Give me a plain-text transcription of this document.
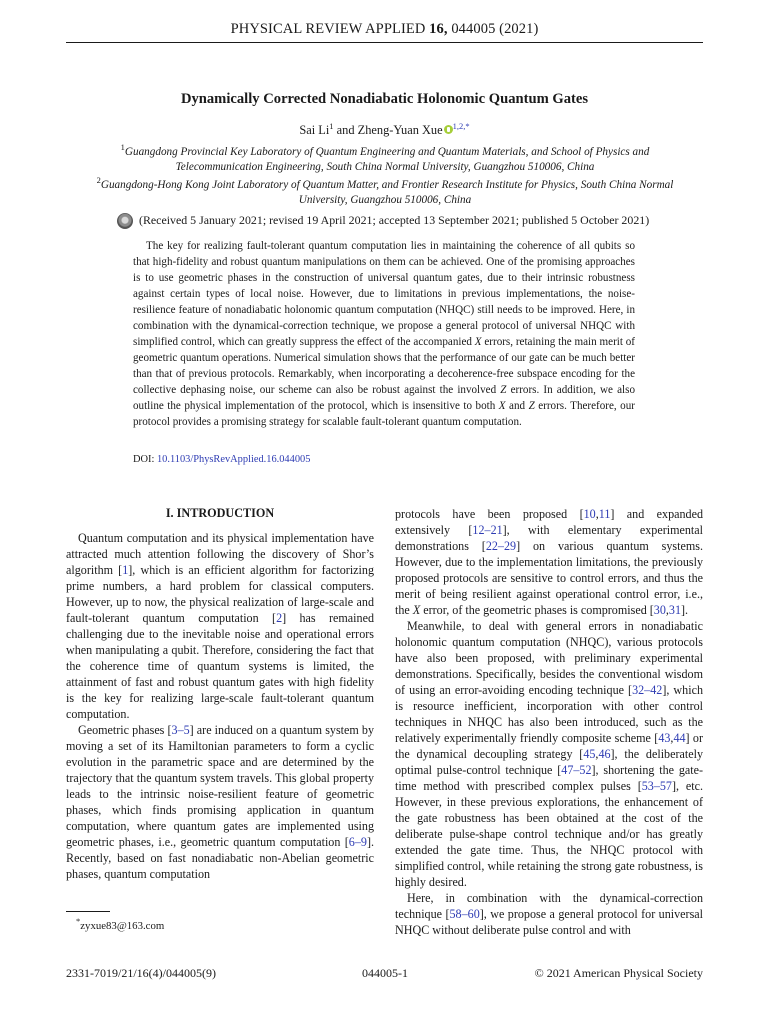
PHYSICAL REVIEW APPLIED 16, 044005 (2021)
Dynamically Corrected Nonadiabatic Holonomic Quantum Gates
Sai Li$^1$ and Zheng-Yuan Xue $^{1,2,*}$
$^1$Guangdong Provincial Key Laboratory of Quantum Engineering and Quantum Materials, and School of Physics and Telecommunication Engineering, South China Normal University, Guangzhou 510006, China
$^2$Guangdong-Hong Kong Joint Laboratory of Quantum Matter, and Frontier Research Institute for Physics, South China Normal University, Guangzhou 510006, China
(Received 5 January 2021; revised 19 April 2021; accepted 13 September 2021; published 5 October 2021)
The key for realizing fault-tolerant quantum computation lies in maintaining the coherence of all qubits so that high-fidelity and robust quantum manipulations on them can be achieved. One of the promising approaches is to use geometric phases in the construction of universal quantum gates, due to their intrinsic robustness against certain types of local noise. However, due to limitations in previous implementations, the noise-resilience feature of nonadiabatic holonomic quantum computation (NHQC) still needs to be improved. Here, in combination with the dynamical-correction technique, we propose a general protocol of universal NHQC with simplified control, which can greatly suppress the effect of the accompanied X errors, retaining the main merit of geometric quantum operations. Numerical simulation shows that the performance of our gate can be much better than that of previous protocols. Remarkably, when incorporating a decoherence-free subspace encoding for the collective dephasing noise, our scheme can also be robust against the involved Z errors. In addition, we also outline the physical implementation of the protocol, which is insensitive to both X and Z errors. Therefore, our protocol provides a promising strategy for scalable fault-tolerant quantum computation.
DOI: 10.1103/PhysRevApplied.16.044005
I. INTRODUCTION

Quantum computation and its physical implementation have attracted much attention following the discovery of Shor’s algorithm [1], which is an efficient algorithm for factorizing prime numbers, a hard problem for classical computers. However, up to now, the physical realization of large-scale and fault-tolerant quantum computation [2] has remained challenging due to the inevitable noise and operational errors when manipulating a qubit. Therefore, considering the fact that the coherence time of quantum systems is limited, the attainment of fast and robust quantum gates with high fidelity is the key for realizing large-scale fault-tolerant quantum computation.

Geometric phases [3–5] are induced on a quantum system by moving a set of its Hamiltonian parameters to form a cyclic evolution in the parametric space and are determined by the trajectory that the quantum system travels. This global property leads to the intrinsic noise-resilient feature of geometric phases, which finds promising application in quantum computation, where quantum gates are implemented using geometric phases, i.e., geometric quantum computation [6–9]. Recently, based on fast nonadiabatic non-Abelian geometric phases, quantum computation

protocols have been proposed [10,11] and expanded extensively [12–21], with elementary experimental demonstrations [22–29] on various quantum systems. However, due to the implementation limitations, the previously proposed protocols are sensitive to control errors, and thus the merit of being resilient against operational control error, i.e., the X error, of the geometric phases is compromised [30,31].

Meanwhile, to deal with general errors in nonadiabatic holonomic quantum computation (NHQC), various protocols have also been proposed, with preliminary experimental demonstrations. Specifically, besides the conventional wisdom of using an error-avoiding encoding technique [32–42], which is resource inefficient, incorporation with other control techniques in NHQC has also been introduced, such as the relatively experimentally friendly composite scheme [43,44] or the dynamical decoupling strategy [45,46], the deliberately optimal pulse-control technique [47–52], shortening the gate-time method with prescribed complex pulses [53–57], etc. However, in these previous explorations, the enhancement of the gate robustness has been obtained at the cost of the deliberate pulse-shape control technique and/or has greatly extended the gate time. Thus, the NHQC protocol with simplified control, while retaining the strong gate robustness, is highly desired.

Here, in combination with the dynamical-correction technique [58–60], we propose a general protocol for universal NHQC without deliberate pulse control and with

*zyxue83@163.com
2331-7019/21/16(4)/044005(9)	044005-1	© 2021 American Physical Society
